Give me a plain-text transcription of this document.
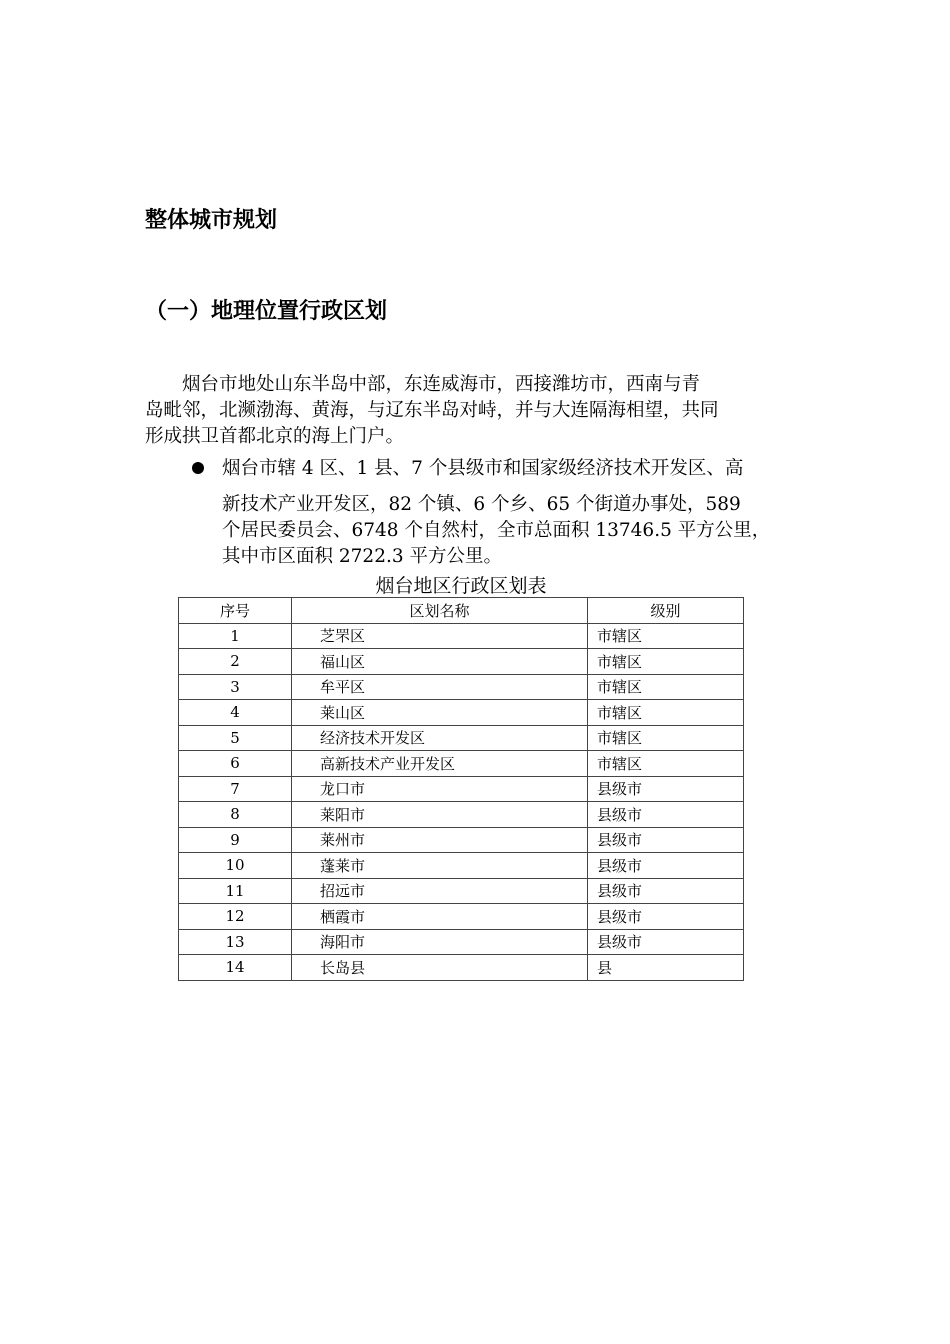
整体城市规划
（一）地理位置行政区划
　　烟台市地处山东半岛中部，东连威海市，西接潍坊市，西南与青
岛毗邻，北濒渤海、黄海，与辽东半岛对峙，并与大连隔海相望，共同
形成拱卫首都北京的海上门户。
烟台市辖 4 区、1 县、7 个县级市和国家级经济技术开发区、高
新技术产业开发区，82 个镇、6 个乡、65 个街道办事处，589
个居民委员会、6748 个自然村，全市总面积 13746.5 平方公里，
其中市区面积 2722.3 平方公里。
烟台地区行政区划表
序号	区划名称	级别
1	芝罘区	市辖区
2	福山区	市辖区
3	牟平区	市辖区
4	莱山区	市辖区
5	经济技术开发区	市辖区
6	高新技术产业开发区	市辖区
7	龙口市	县级市
8	莱阳市	县级市
9	莱州市	县级市
10	蓬莱市	县级市
11	招远市	县级市
12	栖霞市	县级市
13	海阳市	县级市
14	长岛县	县
